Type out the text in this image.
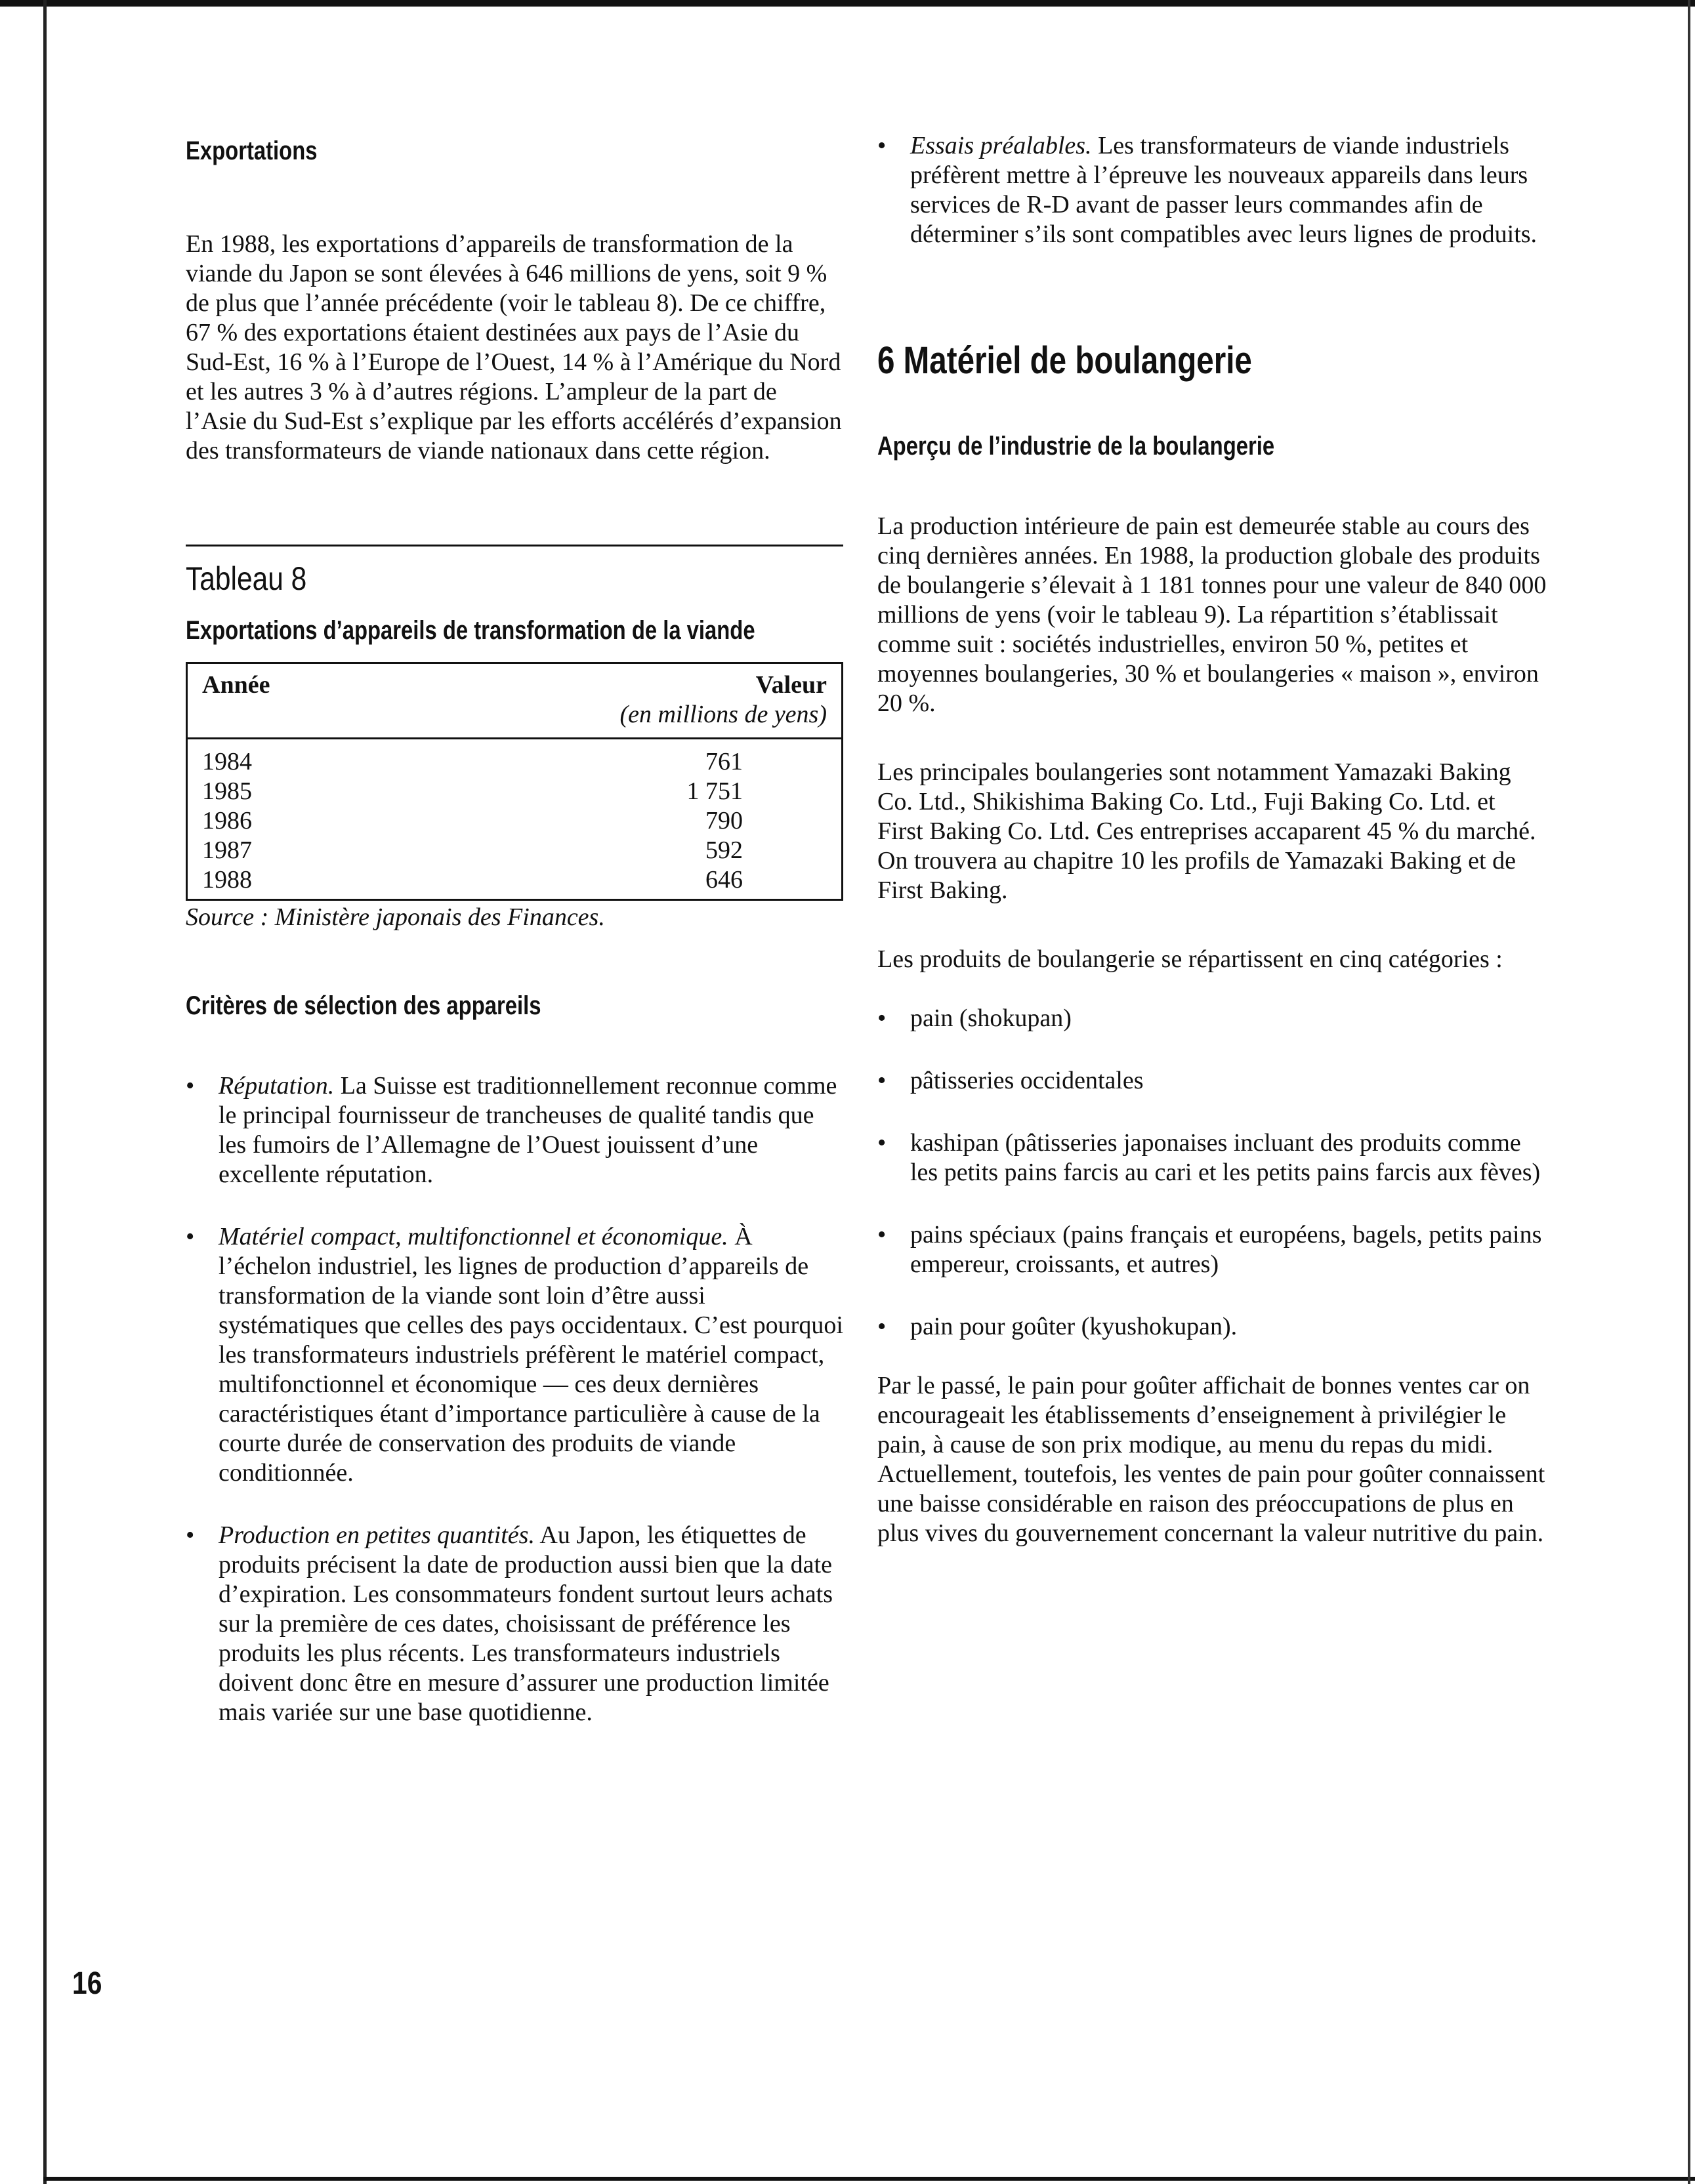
Exportations

En 1988, les exportations d’appareils de transformation de la viande du Japon se sont élevées à 646 millions de yens, soit 9 % de plus que l’année précédente (voir le tableau 8). De ce chiffre, 67 % des exportations étaient destinées aux pays de l’Asie du Sud-Est, 16 % à l’Europe de l’Ouest, 14 % à l’Amérique du Nord et les autres 3 % à d’autres régions. L’ampleur de la part de l’Asie du Sud-Est s’explique par les efforts accélérés d’expansion des transformateurs de viande nationaux dans cette région.

Tableau 8
Exportations d’appareils de transformation de la viande
Année	Valeur
(en millions de yens)

1984	761
1985	1 751
1986	790
1987	592
1988	646

Source : Ministère japonais des Finances.

Critères de sélection des appareils
• Réputation. La Suisse est traditionnellement reconnue comme le principal fournisseur de trancheuses de qualité tandis que les fumoirs de l’Allemagne de l’Ouest jouissent d’une excellente réputation.
• Matériel compact, multifonctionnel et économique. À l’échelon industriel, les lignes de production d’appareils de transformation de la viande sont loin d’être aussi systématiques que celles des pays occidentaux. C’est pourquoi les transformateurs industriels préfèrent le matériel compact, multifonctionnel et économique — ces deux dernières caractéristiques étant d’importance particulière à cause de la courte durée de conservation des produits de viande conditionnée.
• Production en petites quantités. Au Japon, les étiquettes de produits précisent la date de production aussi bien que la date d’expiration. Les consommateurs fondent surtout leurs achats sur la première de ces dates, choisissant de préférence les produits les plus récents. Les transformateurs industriels doivent donc être en mesure d’assurer une production limitée mais variée sur une base quotidienne.
• Essais préalables. Les transformateurs de viande industriels préfèrent mettre à l’épreuve les nouveaux appareils dans leurs services de R-D avant de passer leurs commandes afin de déterminer s’ils sont compatibles avec leurs lignes de produits.
6 Matériel de boulangerie
Aperçu de l’industrie de la boulangerie

La production intérieure de pain est demeurée stable au cours des cinq dernières années. En 1988, la production globale des produits de boulangerie s’élevait à 1 181 tonnes pour une valeur de 840 000 millions de yens (voir le tableau 9). La répartition s’établissait comme suit : sociétés industrielles, environ 50 %, petites et moyennes boulangeries, 30 % et boulangeries « maison », environ 20 %.

Les principales boulangeries sont notamment Yamazaki Baking Co. Ltd., Shikishima Baking Co. Ltd., Fuji Baking Co. Ltd. et First Baking Co. Ltd. Ces entreprises accaparent 45 % du marché. On trouvera au chapitre 10 les profils de Yamazaki Baking et de First Baking.

Les produits de boulangerie se répartissent en cinq catégories :

• pain (shokupan)
• pâtisseries occidentales
• kashipan (pâtisseries japonaises incluant des produits comme les petits pains farcis au cari et les petits pains farcis aux fèves)
• pains spéciaux (pains français et européens, bagels, petits pains empereur, croissants, et autres)
• pain pour goûter (kyushokupan).

Par le passé, le pain pour goûter affichait de bonnes ventes car on encourageait les établissements d’enseignement à privilégier le pain, à cause de son prix modique, au menu du repas du midi. Actuellement, toutefois, les ventes de pain pour goûter connaissent une baisse considérable en raison des préoccupations de plus en plus vives du gouvernement concernant la valeur nutritive du pain.

16
